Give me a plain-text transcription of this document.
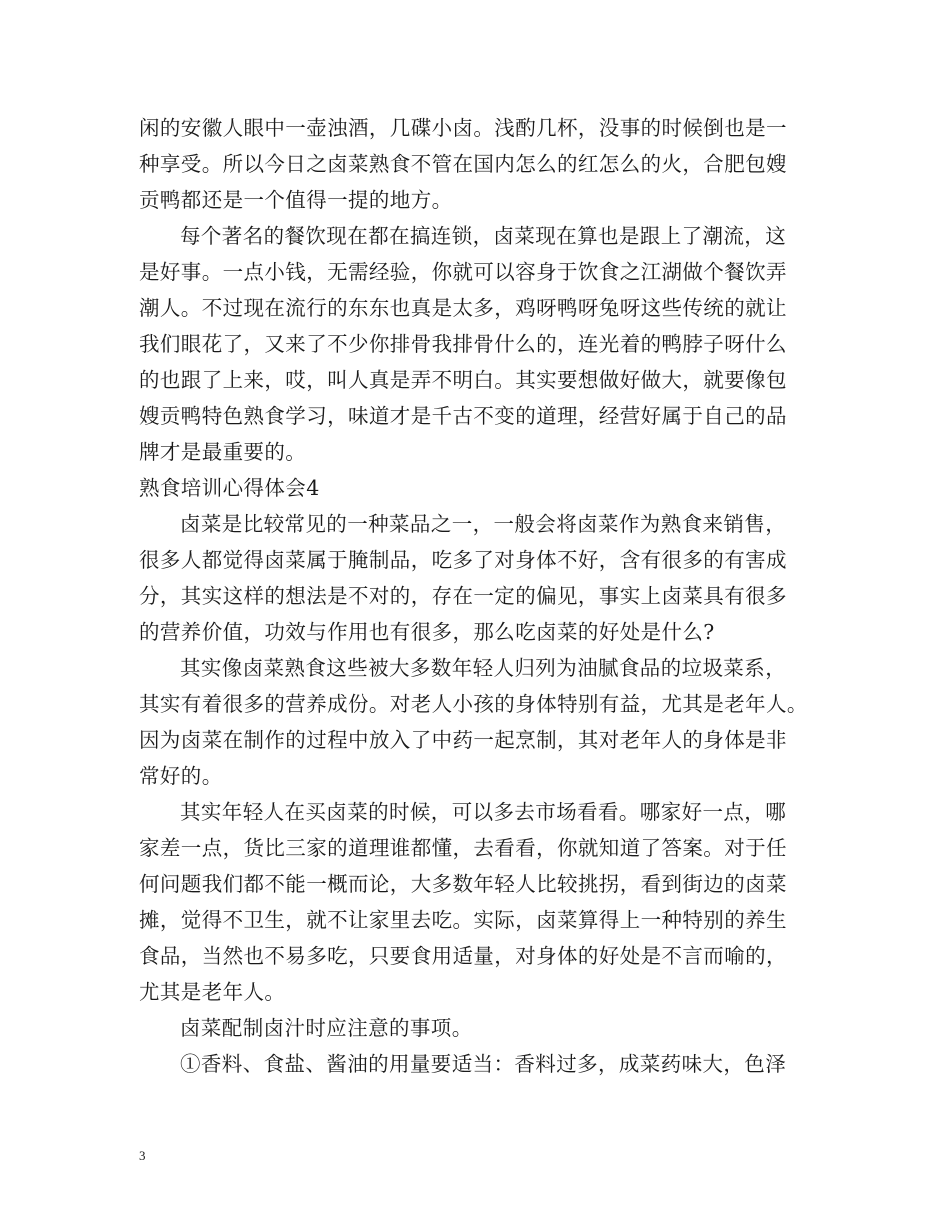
闲的安徽人眼中一壶浊酒，几碟小卤。浅酌几杯，没事的时候倒也是一
种享受。所以今日之卤菜熟食不管在国内怎么的红怎么的火，合肥包嫂
贡鸭都还是一个值得一提的地方。
每个著名的餐饮现在都在搞连锁，卤菜现在算也是跟上了潮流，这
是好事。一点小钱，无需经验，你就可以容身于饮食之江湖做个餐饮弄
潮人。不过现在流行的东东也真是太多，鸡呀鸭呀兔呀这些传统的就让
我们眼花了，又来了不少你排骨我排骨什么的，连光着的鸭脖子呀什么
的也跟了上来，哎，叫人真是弄不明白。其实要想做好做大，就要像包
嫂贡鸭特色熟食学习，味道才是千古不变的道理，经营好属于自己的品
牌才是最重要的。
熟食培训心得体会4
卤菜是比较常见的一种菜品之一，一般会将卤菜作为熟食来销售，
很多人都觉得卤菜属于腌制品，吃多了对身体不好，含有很多的有害成
分，其实这样的想法是不对的，存在一定的偏见，事实上卤菜具有很多
的营养价值，功效与作用也有很多，那么吃卤菜的好处是什么?
其实像卤菜熟食这些被大多数年轻人归列为油腻食品的垃圾菜系，
其实有着很多的营养成份。对老人小孩的身体特别有益，尤其是老年人。
因为卤菜在制作的过程中放入了中药一起烹制，其对老年人的身体是非
常好的。
其实年轻人在买卤菜的时候，可以多去市场看看。哪家好一点，哪
家差一点，货比三家的道理谁都懂，去看看，你就知道了答案。对于任
何问题我们都不能一概而论，大多数年轻人比较挑拐，看到街边的卤菜
摊，觉得不卫生，就不让家里去吃。实际，卤菜算得上一种特别的养生
食品，当然也不易多吃，只要食用适量，对身体的好处是不言而喻的，
尤其是老年人。
卤菜配制卤汁时应注意的事项。
①香料、食盐、酱油的用量要适当：香料过多，成菜药味大，色泽
3
